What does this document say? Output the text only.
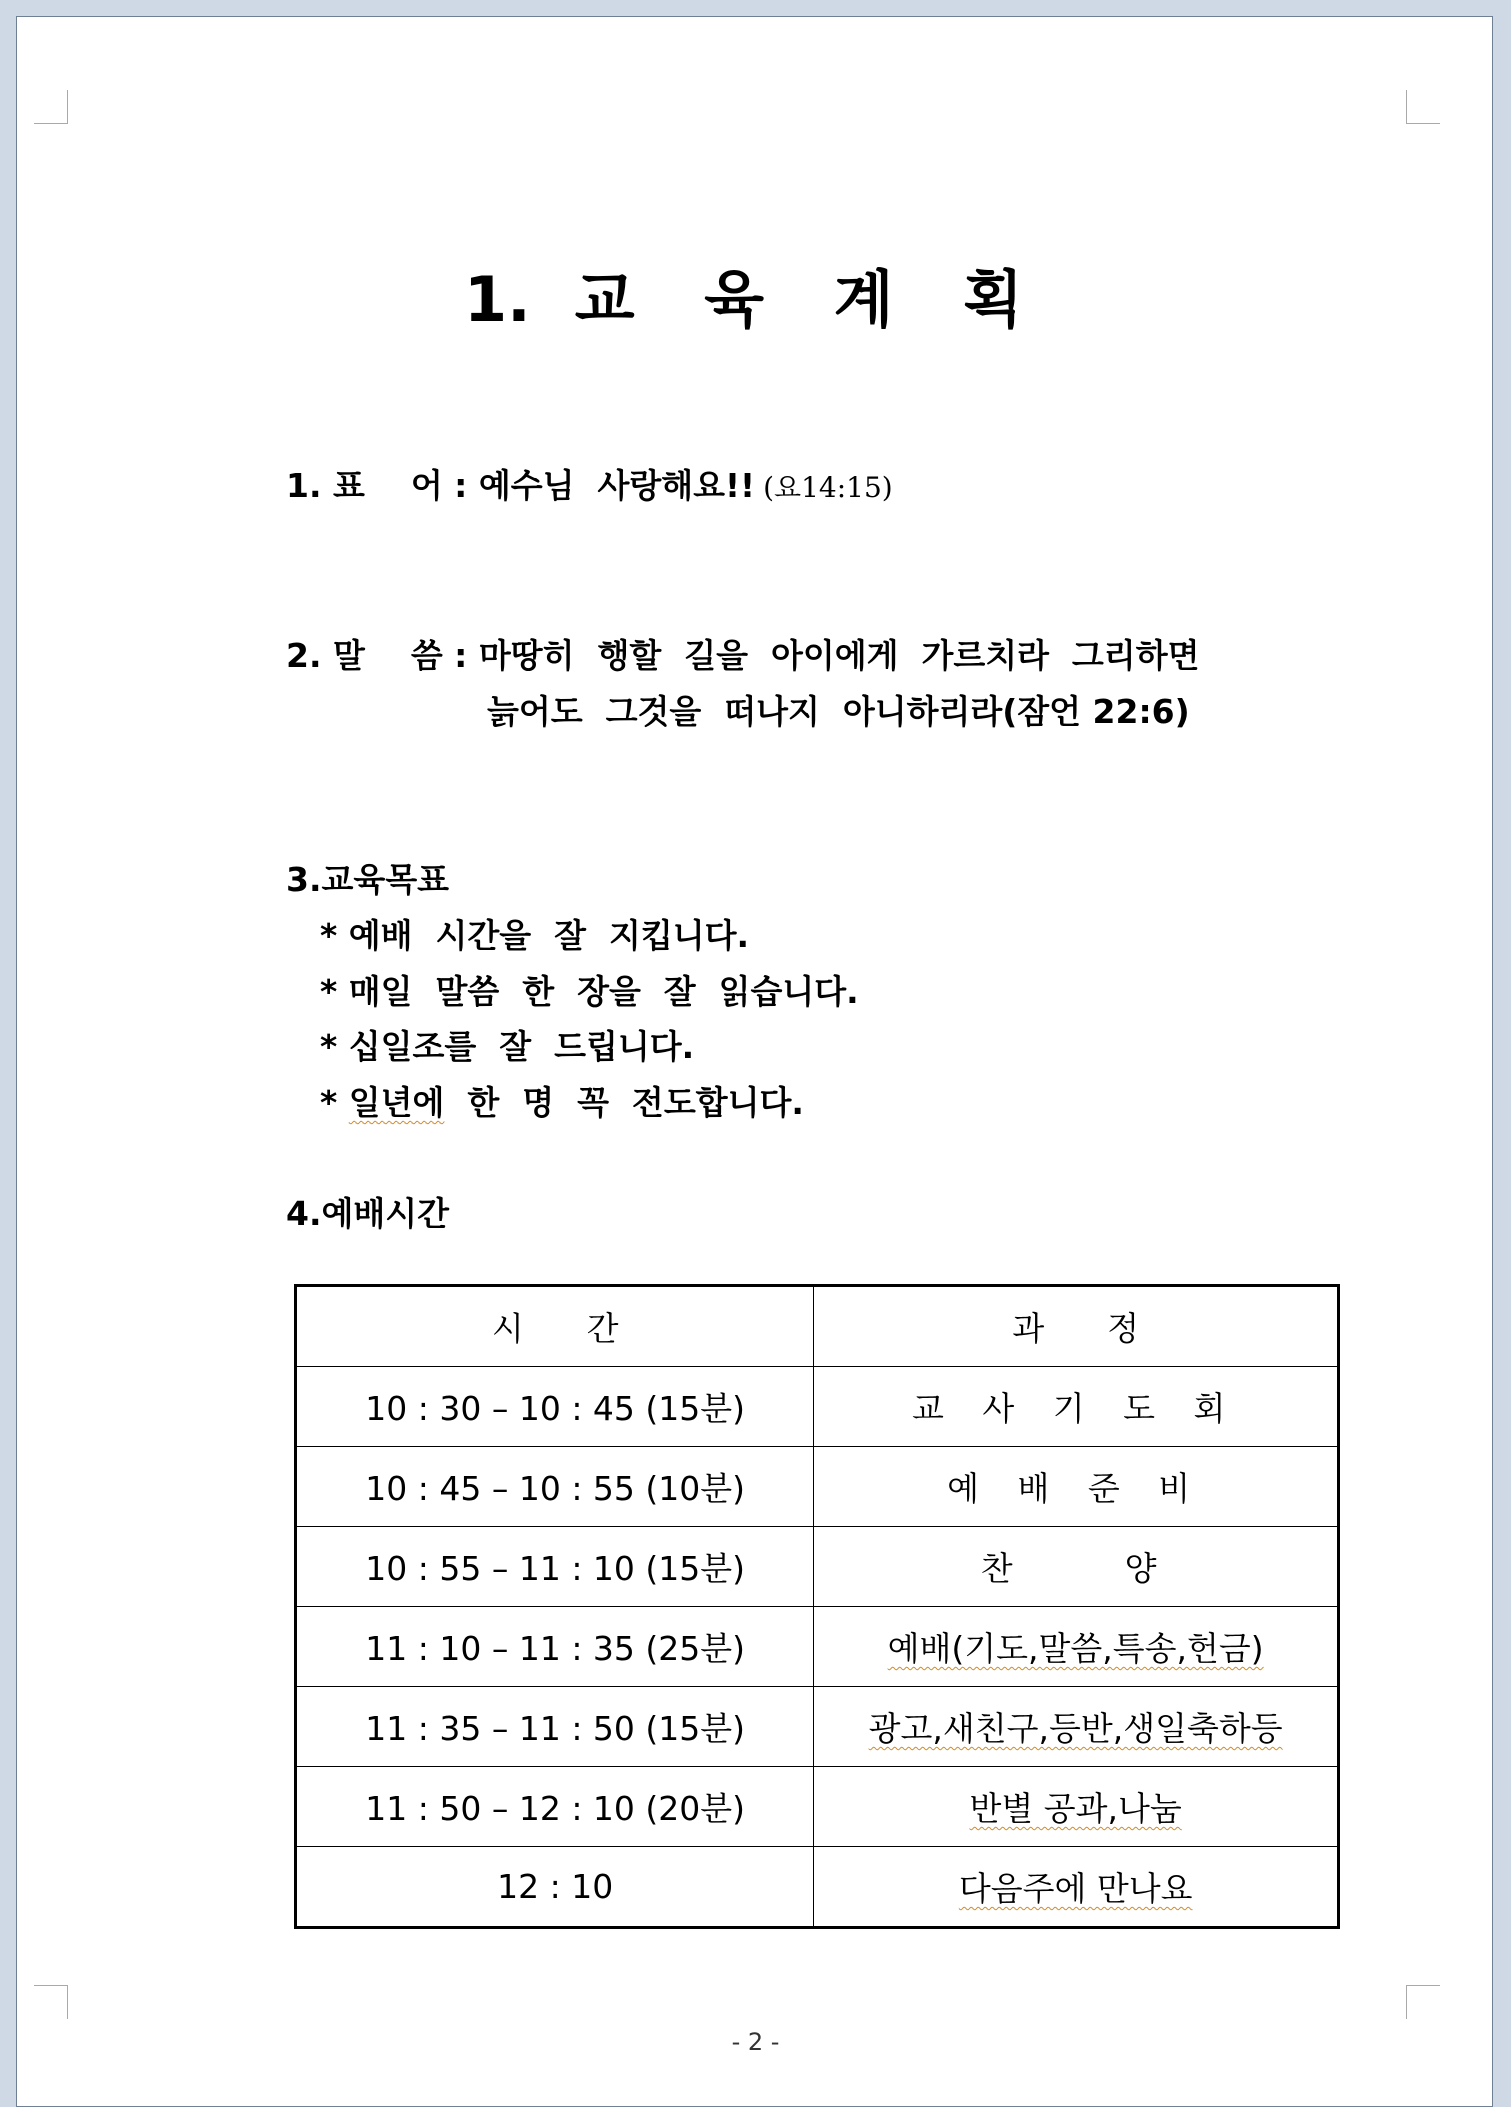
1. 교 육 계 획
1. 표    어 : 예수님  사랑해요!! (요14:15)
2. 말    씀 : 마땅히  행할  길을  아이에게  가르치라  그리하면
늙어도  그것을  떠나지  아니하리라(잠언 22:6)
3.교육목표
* 예배  시간을  잘  지킵니다.
* 매일  말씀  한  장을  잘  읽습니다.
* 십일조를  잘  드립니다.
* 일년에  한  명  꼭  전도합니다.
4.예배시간
시      간	과      정
10 : 30 – 10 : 45 (15분)	교 사 기 도 회
10 : 45 – 10 : 55 (10분)	예 배 준 비
10 : 55 – 11 : 10 (15분)	찬    양
11 : 10 – 11 : 35 (25분)	예배(기도,말씀,특송,헌금)
11 : 35 – 11 : 50 (15분)	광고,새친구,등반,생일축하등
11 : 50 – 12 : 10 (20분)	반별 공과,나눔
12 : 10	다음주에 만나요
- 2 -
